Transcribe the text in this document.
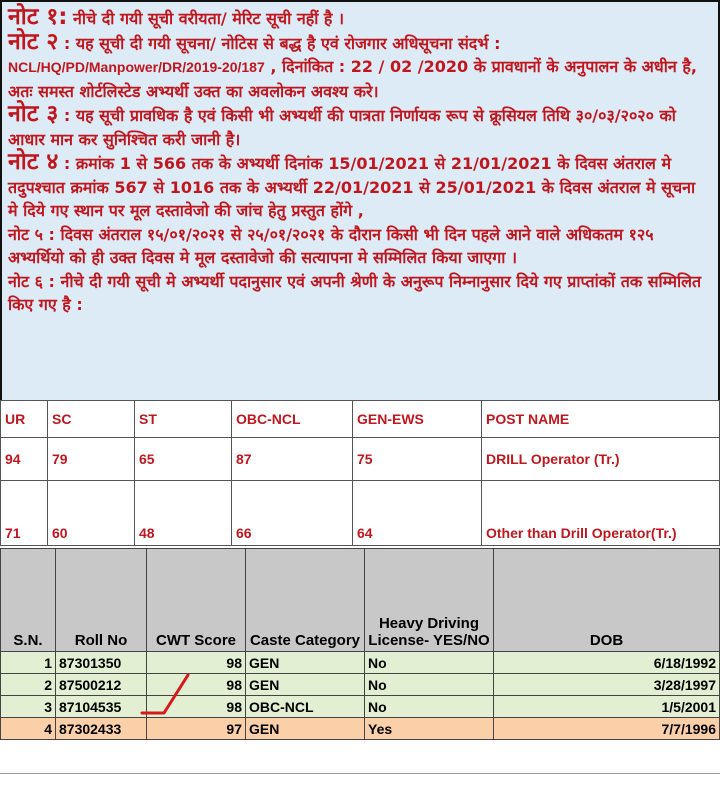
नोट १: नीचे दी गयी सूची वरीयता/ मेरिट सूची नहीं है ।

नोट २ : यह सूची दी गयी सूचना/ नोटिस से बद्ध है एवं रोजगार अधिसूचना संदर्भ : NCL/HQ/PD/Manpower/DR/2019-20/187 , दिनांकित : 22 / 02 /2020 के प्रावधानों के अनुपालन के अधीन है, अतः समस्त शोर्टलिस्टेड अभ्यर्थी उक्त का अवलोकन अवश्य करे।

नोट ३ : यह सूची प्रावधिक है एवं किसी भी अभ्यर्थी की पात्रता निर्णायक रूप से क्रूसियल तिथि ३०/०३/२०२० को आधार मान कर सुनिश्चित करी जानी है।

नोट ४ : क्रमांक 1 से 566 तक के अभ्यर्थी दिनांक 15/01/2021 से 21/01/2021 के दिवस अंतराल मे तदुपश्चात क्रमांक 567 से 1016 तक के अभ्यर्थी 22/01/2021 से 25/01/2021 के दिवस अंतराल मे सूचना मे दिये गए स्थान पर मूल दस्तावेजो की जांच हेतु प्रस्तुत होंगे ,

नोट ५ : दिवस अंतराल १५/०१/२०२१ से २५/०१/२०२१ के दौरान किसी भी दिन पहले आने वाले अधिकतम १२५ अभ्यर्थियो को ही उक्त दिवस मे मूल दस्तावेजो की सत्यापना मे सम्मिलित किया जाएगा ।

नोट ६ : नीचे दी गयी सूची मे अभ्यर्थी पदानुसार एवं अपनी श्रेणी के अनुरूप निम्नानुसार दिये गए प्राप्तांकों तक सम्मिलित किए गए है :

UR	SC	ST	OBC-NCL	GEN-EWS	POST NAME
94	79	65	87	75	DRILL Operator (Tr.)
71	60	48	66	64	Other than Drill Operator(Tr.)
S.N.	Roll No	CWT Score	Caste Category	Heavy Driving License- YES/NO	DOB
1	87301350	98	GEN	No	6/18/1992
2	87500212	98	GEN	No	3/28/1997
3	87104535	98	OBC-NCL	No	1/5/2001
4	87302433	97	GEN	Yes	7/7/1996
